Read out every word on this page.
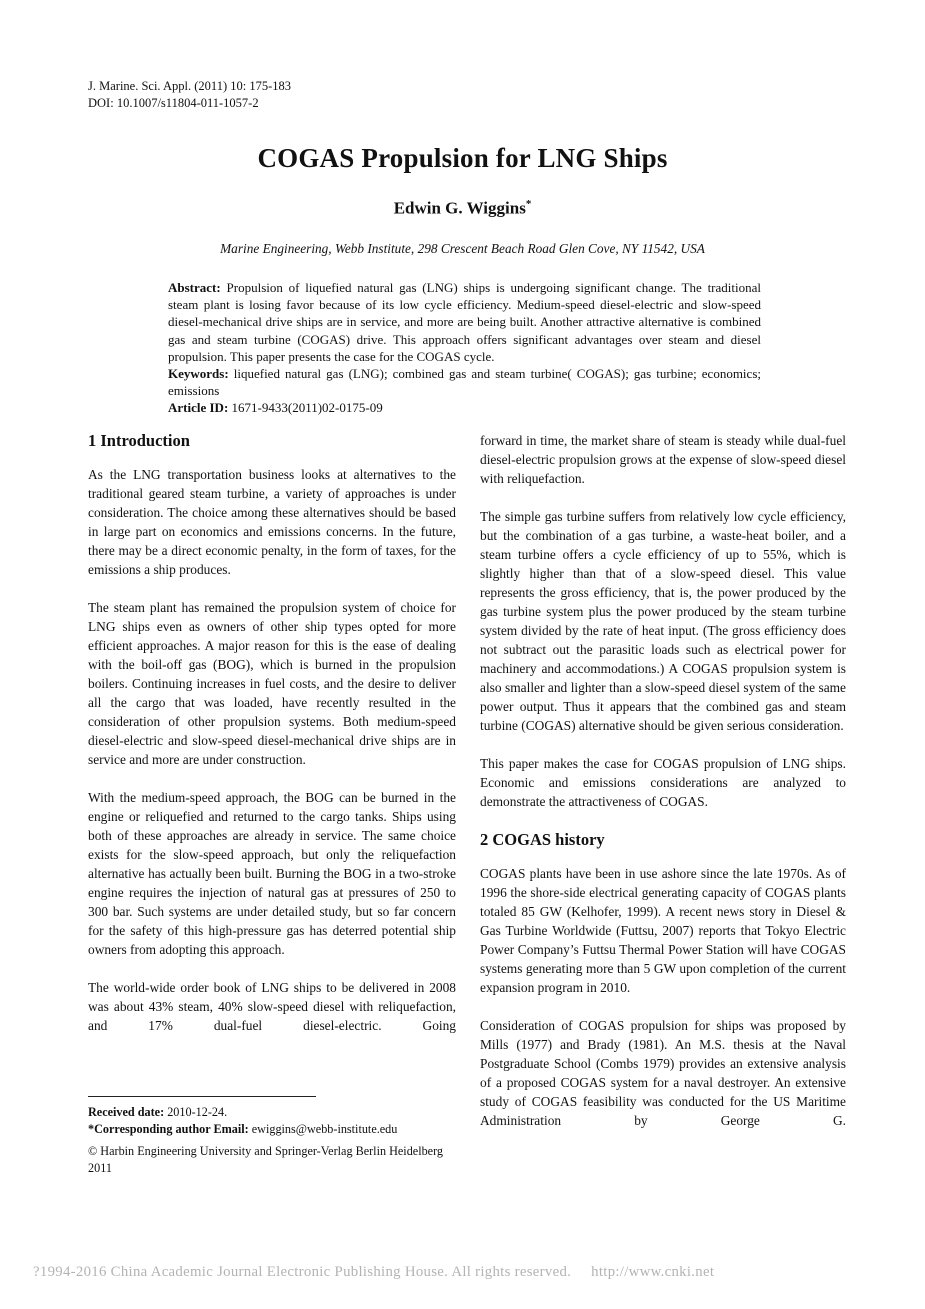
J. Marine. Sci. Appl. (2011) 10: 175-183
DOI: 10.1007/s11804-011-1057-2
COGAS Propulsion for LNG Ships
Edwin G. Wiggins*
Marine Engineering, Webb Institute, 298 Crescent Beach Road Glen Cove, NY 11542, USA
Abstract: Propulsion of liquefied natural gas (LNG) ships is undergoing significant change. The traditional steam plant is losing favor because of its low cycle efficiency. Medium-speed diesel-electric and slow-speed diesel-mechanical drive ships are in service, and more are being built. Another attractive alternative is combined gas and steam turbine (COGAS) drive. This approach offers significant advantages over steam and diesel propulsion. This paper presents the case for the COGAS cycle.
Keywords: liquefied natural gas (LNG); combined gas and steam turbine( COGAS); gas turbine; economics; emissions
Article ID: 1671-9433(2011)02-0175-09
1 Introduction

As the LNG transportation business looks at alternatives to the traditional geared steam turbine, a variety of approaches is under consideration. The choice among these alternatives should be based in large part on economics and emissions concerns. In the future, there may be a direct economic penalty, in the form of taxes, for the emissions a ship produces.

The steam plant has remained the propulsion system of choice for LNG ships even as owners of other ship types opted for more efficient approaches. A major reason for this is the ease of dealing with the boil-off gas (BOG), which is burned in the propulsion boilers. Continuing increases in fuel costs, and the desire to deliver all the cargo that was loaded, have recently resulted in the consideration of other propulsion systems. Both medium-speed diesel-electric and slow-speed diesel-mechanical drive ships are in service and more are under construction.

With the medium-speed approach, the BOG can be burned in the engine or reliquefied and returned to the cargo tanks. Ships using both of these approaches are already in service. The same choice exists for the slow-speed approach, but only the reliquefaction alternative has actually been built. Burning the BOG in a two-stroke engine requires the injection of natural gas at pressures of 250 to 300 bar. Such systems are under detailed study, but so far concern for the safety of this high-pressure gas has deterred potential ship owners from adopting this approach.

The world-wide order book of LNG ships to be delivered in 2008 was about 43% steam, 40% slow-speed diesel with reliquefaction, and 17% dual-fuel diesel-electric. Going

forward in time, the market share of steam is steady while dual-fuel diesel-electric propulsion grows at the expense of slow-speed diesel with reliquefaction.

The simple gas turbine suffers from relatively low cycle efficiency, but the combination of a gas turbine, a waste-heat boiler, and a steam turbine offers a cycle efficiency of up to 55%, which is slightly higher than that of a slow-speed diesel. This value represents the gross efficiency, that is, the power produced by the gas turbine system plus the power produced by the steam turbine system divided by the rate of heat input. (The gross efficiency does not subtract out the parasitic loads such as electrical power for machinery and accommodations.) A COGAS propulsion system is also smaller and lighter than a slow-speed diesel system of the same power output. Thus it appears that the combined gas and steam turbine (COGAS) alternative should be given serious consideration.

This paper makes the case for COGAS propulsion of LNG ships. Economic and emissions considerations are analyzed to demonstrate the attractiveness of COGAS.

2 COGAS history

COGAS plants have been in use ashore since the late 1970s. As of 1996 the shore-side electrical generating capacity of COGAS plants totaled 85 GW (Kelhofer, 1999). A recent news story in Diesel & Gas Turbine Worldwide (Futtsu, 2007) reports that Tokyo Electric Power Company’s Futtsu Thermal Power Station will have COGAS systems generating more than 5 GW upon completion of the current expansion program in 2010.

Consideration of COGAS propulsion for ships was proposed by Mills (1977) and Brady (1981). An M.S. thesis at the Naval Postgraduate School (Combs 1979) provides an extensive analysis of a proposed COGAS system for a naval destroyer. An extensive study of COGAS feasibility was conducted for the US Maritime Administration by George G.

Received date: 2010-12-24.
*Corresponding author Email: ewiggins@webb-institute.edu
© Harbin Engineering University and Springer-Verlag Berlin Heidelberg 2011
?1994-2016 China Academic Journal Electronic Publishing House. All rights reserved. http://www.cnki.net
